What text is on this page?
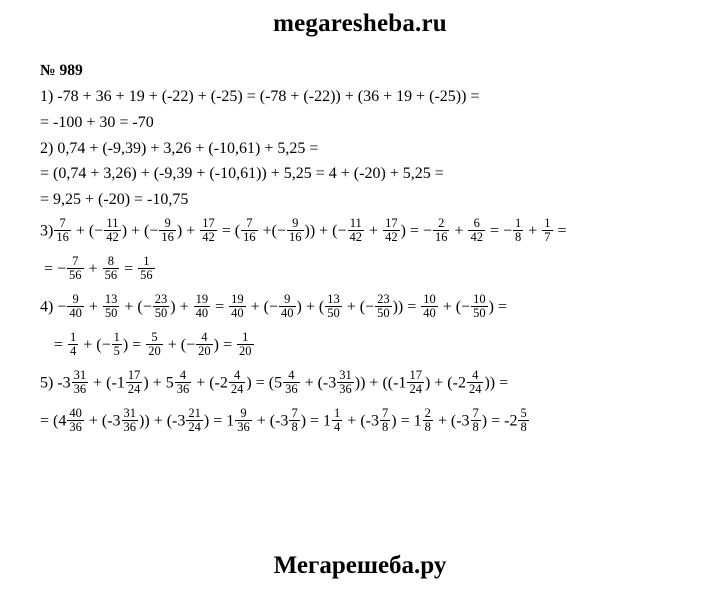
megaresheba.ru
№ 989
1) -78 + 36 + 19 + (-22) + (-25) = (-78 + (-22)) + (36 + 19 + (-25)) =
= -100 + 30 = -70
2) 0,74 + (-9,39) + 3,26 + (-10,61) + 5,25 =
= (0,74 + 3,26) + (-9,39 + (-10,61)) + 5,25 = 4 + (-20) + 5,25 =
= 9,25 + (-20) = -10,75
$3) \frac{7}{16}$ + (− $\frac{11}{42}$ ) + (− $\frac{9}{16}$ ) + $\frac{17}{42}$ = ( $\frac{7}{16}$ +(− $\frac{9}{16}$ )) + (− $\frac{11}{42} + \frac{17}{42}$ ) = − $\frac{2}{16} + \frac{6}{42}$ = − $\frac{1}{8} + \frac{1}{7}$ =
= − $\frac{7}{56} + \frac{8}{56} = \frac{1}{56}$
$4) - \frac{9}{40} + \frac{13}{50}$ + (− $\frac{23}{50}$ ) + $\frac{19}{40} = \frac{19}{40}$ + (− $\frac{9}{40}$ ) + ( $\frac{13}{50}$ + (− $\frac{23}{50}$ )) = $\frac{10}{40}$ + (− $\frac{10}{50}$ ) =
= $\frac{1}{4}$ + (− $\frac{1}{5}$ ) = $\frac{5}{20}$ + (− $\frac{4}{20}$ ) = $\frac{1}{20}$
5) $-3 \frac{31}{36} + (-1 \frac{17}{24}$ ) + $5 \frac{4}{36} + (-2 \frac{4}{24}$ ) = ($5 \frac{4}{36} + (-3 \frac{31}{36}$ )) + (($-1 \frac{17}{24}$ ) + ($-2 \frac{4}{24}$ )) =
= ($4 \frac{40}{36} + (-3 \frac{31}{36}$ )) + ($-3 \frac{21}{24}$ ) = $1 \frac{9}{36} + (-3 \frac{7}{8}$ ) = $1 \frac{1}{4} + (-3 \frac{7}{8}$ ) = $1 \frac{2}{8} + (-3 \frac{7}{8}$ ) = $-2 \frac{5}{8}$
Мегарешеба.ру
